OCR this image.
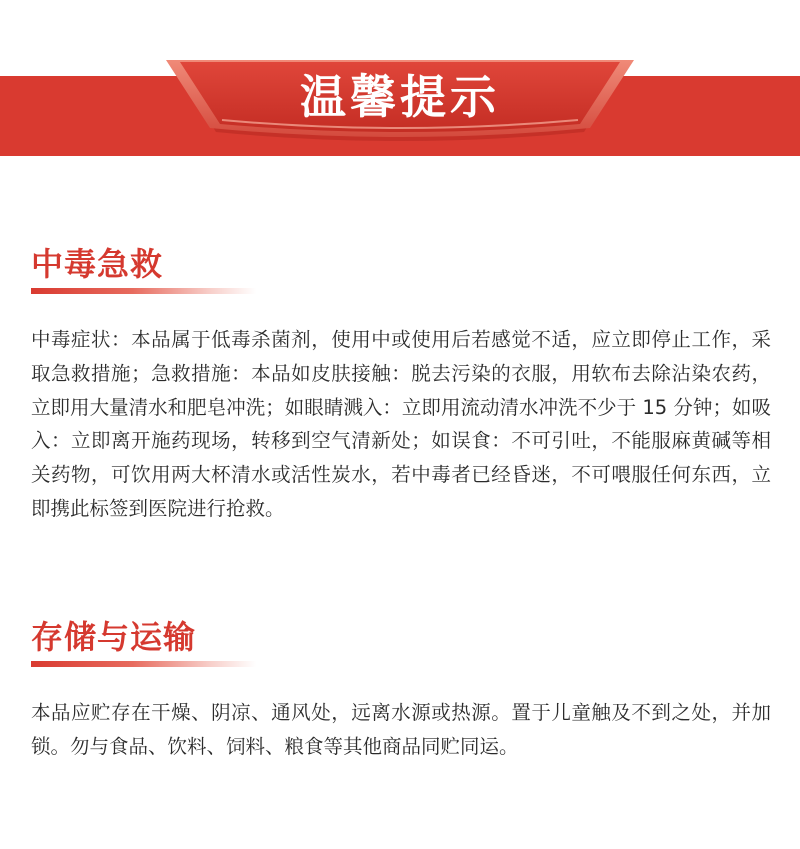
温馨提示
中毒急救
中毒症状：本品属于低毒杀菌剂，使用中或使用后若感觉不适，应立即停止工作，采取急救措施；急救措施：本品如皮肤接触：脱去污染的衣服，用软布去除沾染农药，立即用大量清水和肥皂冲洗；如眼睛溅入：立即用流动清水冲洗不少于 15 分钟；如吸入：立即离开施药现场，转移到空气清新处；如误食：不可引吐，不能服麻黄碱等相关药物，可饮用两大杯清水或活性炭水，若中毒者已经昏迷，不可喂服任何东西，立即携此标签到医院进行抢救。
存储与运输
本品应贮存在干燥、阴凉、通风处，远离水源或热源。置于儿童触及不到之处，并加锁。勿与食品、饮料、饲料、粮食等其他商品同贮同运。
